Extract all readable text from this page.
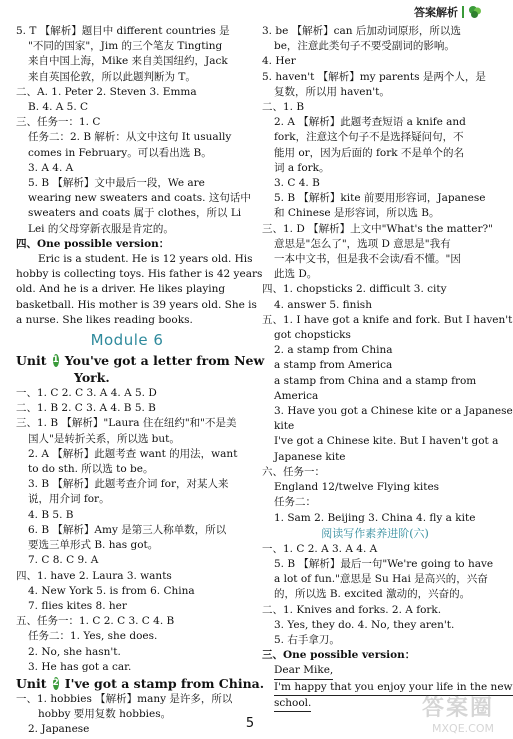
答案解析
5. T 【解析】题目中 different countries 是
"不同的国家"，Jim 的三个笔友 Tingting
来自中国上海，Mike 来自美国纽约，Jack
来自英国伦敦，所以此题判断为 T。
二、A. 1. Peter 2. Steven 3. Emma
B. 4. A 5. C
三、任务一：1. C
任务二：2. B 解析：从文中这句 It usually
comes in February。可以看出选 B。
3. A 4. A
5. B 【解析】文中最后一段，We are
wearing new sweaters and coats. 这句话中
sweaters and coats 属于 clothes，所以 Li
Lei 的父母穿新衣服是肯定的。
四、One possible version：
Eric is a student. He is 12 years old. His
hobby is collecting toys. His father is 42 years
old. And he is a driver. He likes playing
basketball. His mother is 39 years old. She is
a nurse. She likes reading books.
Module 6
Unit 1 You've got a letter from New
York.
一、1. C 2. C 3. A 4. A 5. D
二、1. B 2. C 3. A 4. B 5. B
三、1. B 【解析】"Laura 住在纽约"和"不是美
国人"是转折关系，所以选 but。
2. A 【解析】此题考查 want 的用法，want
to do sth. 所以选 to be。
3. B 【解析】此题考查介词 for，对某人来
说，用介词 for。
4. B 5. B
6. B 【解析】Amy 是第三人称单数，所以
要选三单形式 B. has got。
7. C 8. C 9. A
四、1. have 2. Laura 3. wants
4. New York 5. is from 6. China
7. flies kites 8. her
五、任务一：1. C 2. C 3. C 4. B
任务二：1. Yes, she does.
2. No, she hasn't.
3. He has got a car.
Unit 2 I've got a stamp from China.
一、1. hobbies 【解析】many 是许多，所以
hobby 要用复数 hobbies。
2. Japanese
3. be 【解析】can 后加动词原形，所以选
be，注意此类句子不要受副词的影响。
4. Her
5. haven't 【解析】my parents 是两个人，是
复数，所以用 haven't。
二、1. B
2. A 【解析】此题考查短语 a knife and
fork，注意这个句子不是选择疑问句，不
能用 or，因为后面的 fork 不是单个的名
词 a fork。
3. C 4. B
5. B 【解析】kite 前要用形容词，Japanese
和 Chinese 是形容词，所以选 B。
三、1. D 【解析】上文中"What's the matter?"
意思是"怎么了"，选项 D 意思是"我有
一本中文书，但是我不会读/看不懂。"因
此选 D。
四、1. chopsticks 2. difficult 3. city
4. answer 5. finish
五、1. I have got a knife and fork. But I haven't
got chopsticks
2. a stamp from China
a stamp from America
a stamp from China and a stamp from
America
3. Have you got a Chinese kite or a Japanese
kite
I've got a Chinese kite. But I haven't got a
Japanese kite
六、任务一：
England 12/twelve Flying kites
任务二：
1. Sam 2. Beijing 3. China 4. fly a kite
阅读写作素养进阶(六)
一、1. C 2. A 3. A 4. A
5. B 【解析】最后一句"We're going to have
a lot of fun."意思是 Su Hai 是高兴的，兴奋
的，所以选 B. excited 激动的，兴奋的。
二、1. Knives and forks. 2. A fork.
3. Yes, they do. 4. No, they aren't.
5. 右手拿刀。
三、One possible version：
Dear Mike,
I'm happy that you enjoy your life in the new
school.
5
答案圈
MXQE.COM
